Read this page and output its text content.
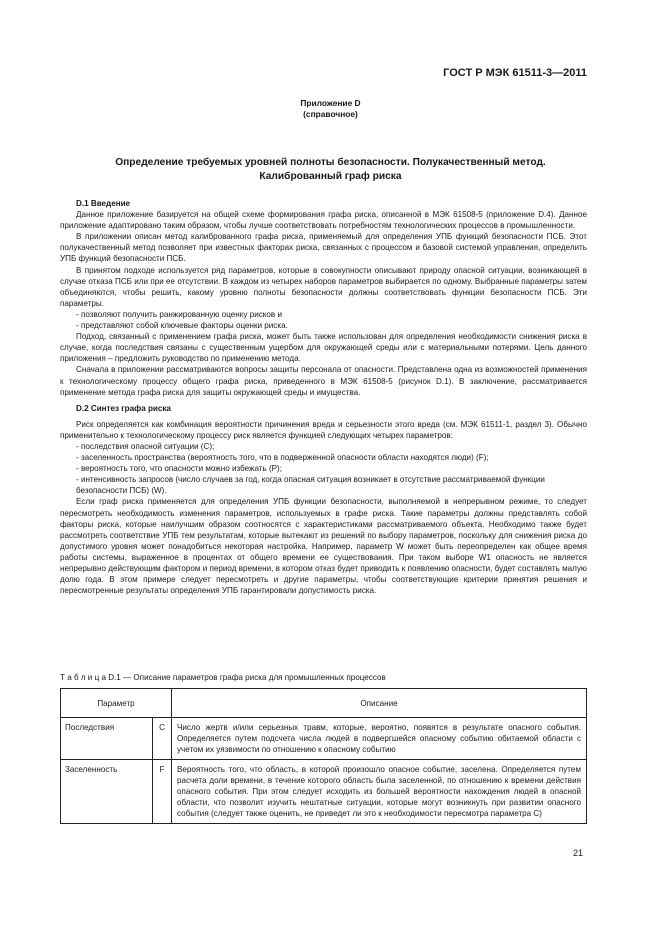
ГОСТ Р МЭК 61511-3—2011
Приложение D
(справочное)
Определение требуемых уровней полноты безопасности. Полукачественный метод.
Калиброванный граф риска

D.1 Введение

Данное приложение базируется на общей схеме формирования графа риска, описанной в МЭК 61508-5 (приложение D.4). Данное приложение адаптировано таким образом, чтобы лучше соответствовать потребностям технологических процессов в промышленности.

В приложении описан метод калиброванного графа риска, применяемый для определения УПБ функций безопасности ПСБ. Этот полукачественный метод позволяет при известных факторах риска, связанных с процессом и базовой системой управления, определить УПБ функций безопасности ПСБ.

В принятом подходе используется ряд параметров, которые в совокупности описывают природу опасной ситуации, возникающей в случае отказа ПСБ или при ее отсутствии. В каждом из четырех наборов параметров выбирается по одному. Выбранные параметры затем объединяются, чтобы решить, какому уровню полноты безопасности должны соответствовать функции безопасности ПСБ. Эти параметры.

- позволяют получить ранжированную оценку рисков и

- представляют собой ключевые факторы оценки риска.

Подход, связанный с применением графа риска, может быть также использован для определения необходимости снижения риска в случае, когда последствия связаны с существенным ущербом для окружающей среды или с материальными потерями. Цель данного приложения – предложить руководство по применению метода.

Сначала в приложении рассматриваются вопросы защиты персонала от опасности. Представлена одна из возможностей применения к технологическому процессу общего графа риска, приведенного в МЭК 61508-5 (рисунок D.1). В заключение, рассматривается применение метода графа риска для защиты окружающей среды и имущества.

D.2 Синтез графа риска

Риск определяется как комбинация вероятности причинения вреда и серьезности этого вреда (см. МЭК 61511-1, раздел 3). Обычно применительно к технологическому процессу риск является функцией следующих четырех параметров:

- последствия опасной ситуации (C);

- заселенность пространства (вероятность того, что в подверженной опасности области находятся люди) (F);

- вероятность того, что опасности можно избежать (P);

- интенсивность запросов (число случаев за год, когда опасная ситуация возникает в отсутствие рассматриваемой функции безопасности ПСБ) (W).

Если граф риска применяется для определения УПБ функции безопасности, выполняемой в непрерывном режиме, то следует пересмотреть необходимость изменения параметров, используемых в графе риска. Такие параметры должны представлять собой факторы риска, которые наилучшим образом соотносятся с характеристиками рассматриваемого объекта. Необходимо также будет рассмотреть соответствие УПБ тем результатам, которые вытекают из решений по выбору параметров, поскольку для снижения риска до допустимого уровня может понадобиться некоторая настройка. Например, параметр W может быть переопределен как общее время работы системы, выраженное в процентах от общего времени ее существования. При таком выборе W1 опасность не является непрерывно действующим фактором и период времени, в котором отказ будет приводить к появлению опасности, будет составлять малую долю года. В этом примере следует пересмотреть и другие параметры, чтобы соответствующие критерии принятия решения и пересмотренные результаты определения УПБ гарантировали допустимость риска.

Т а б л и ц а D.1 — Описание параметров графа риска для промышленных процессов
Параметр		Описание
Последствия	C	Число жертв и/или серьезных травм, которые, вероятно, появятся в результате опасного события. Определяется путем подсчета числа людей в подвергшейся опасному событию обитаемой области с учетом их уязвимости по отношению к опасному событию
Заселенность	F	Вероятность того, что область, в которой произошло опасное событие, заселена. Определяется путем расчета доли времени, в течение которого область была заселенной, по отношению к времени действия опасного события. При этом следует исходить из большей вероятности нахождения людей в опасной области, что позволит изучить нештатные ситуации, которые могут возникнуть при развитии опасного события (следует также оценить, не приведет ли это к необходимости пересмотра параметра C)
21
